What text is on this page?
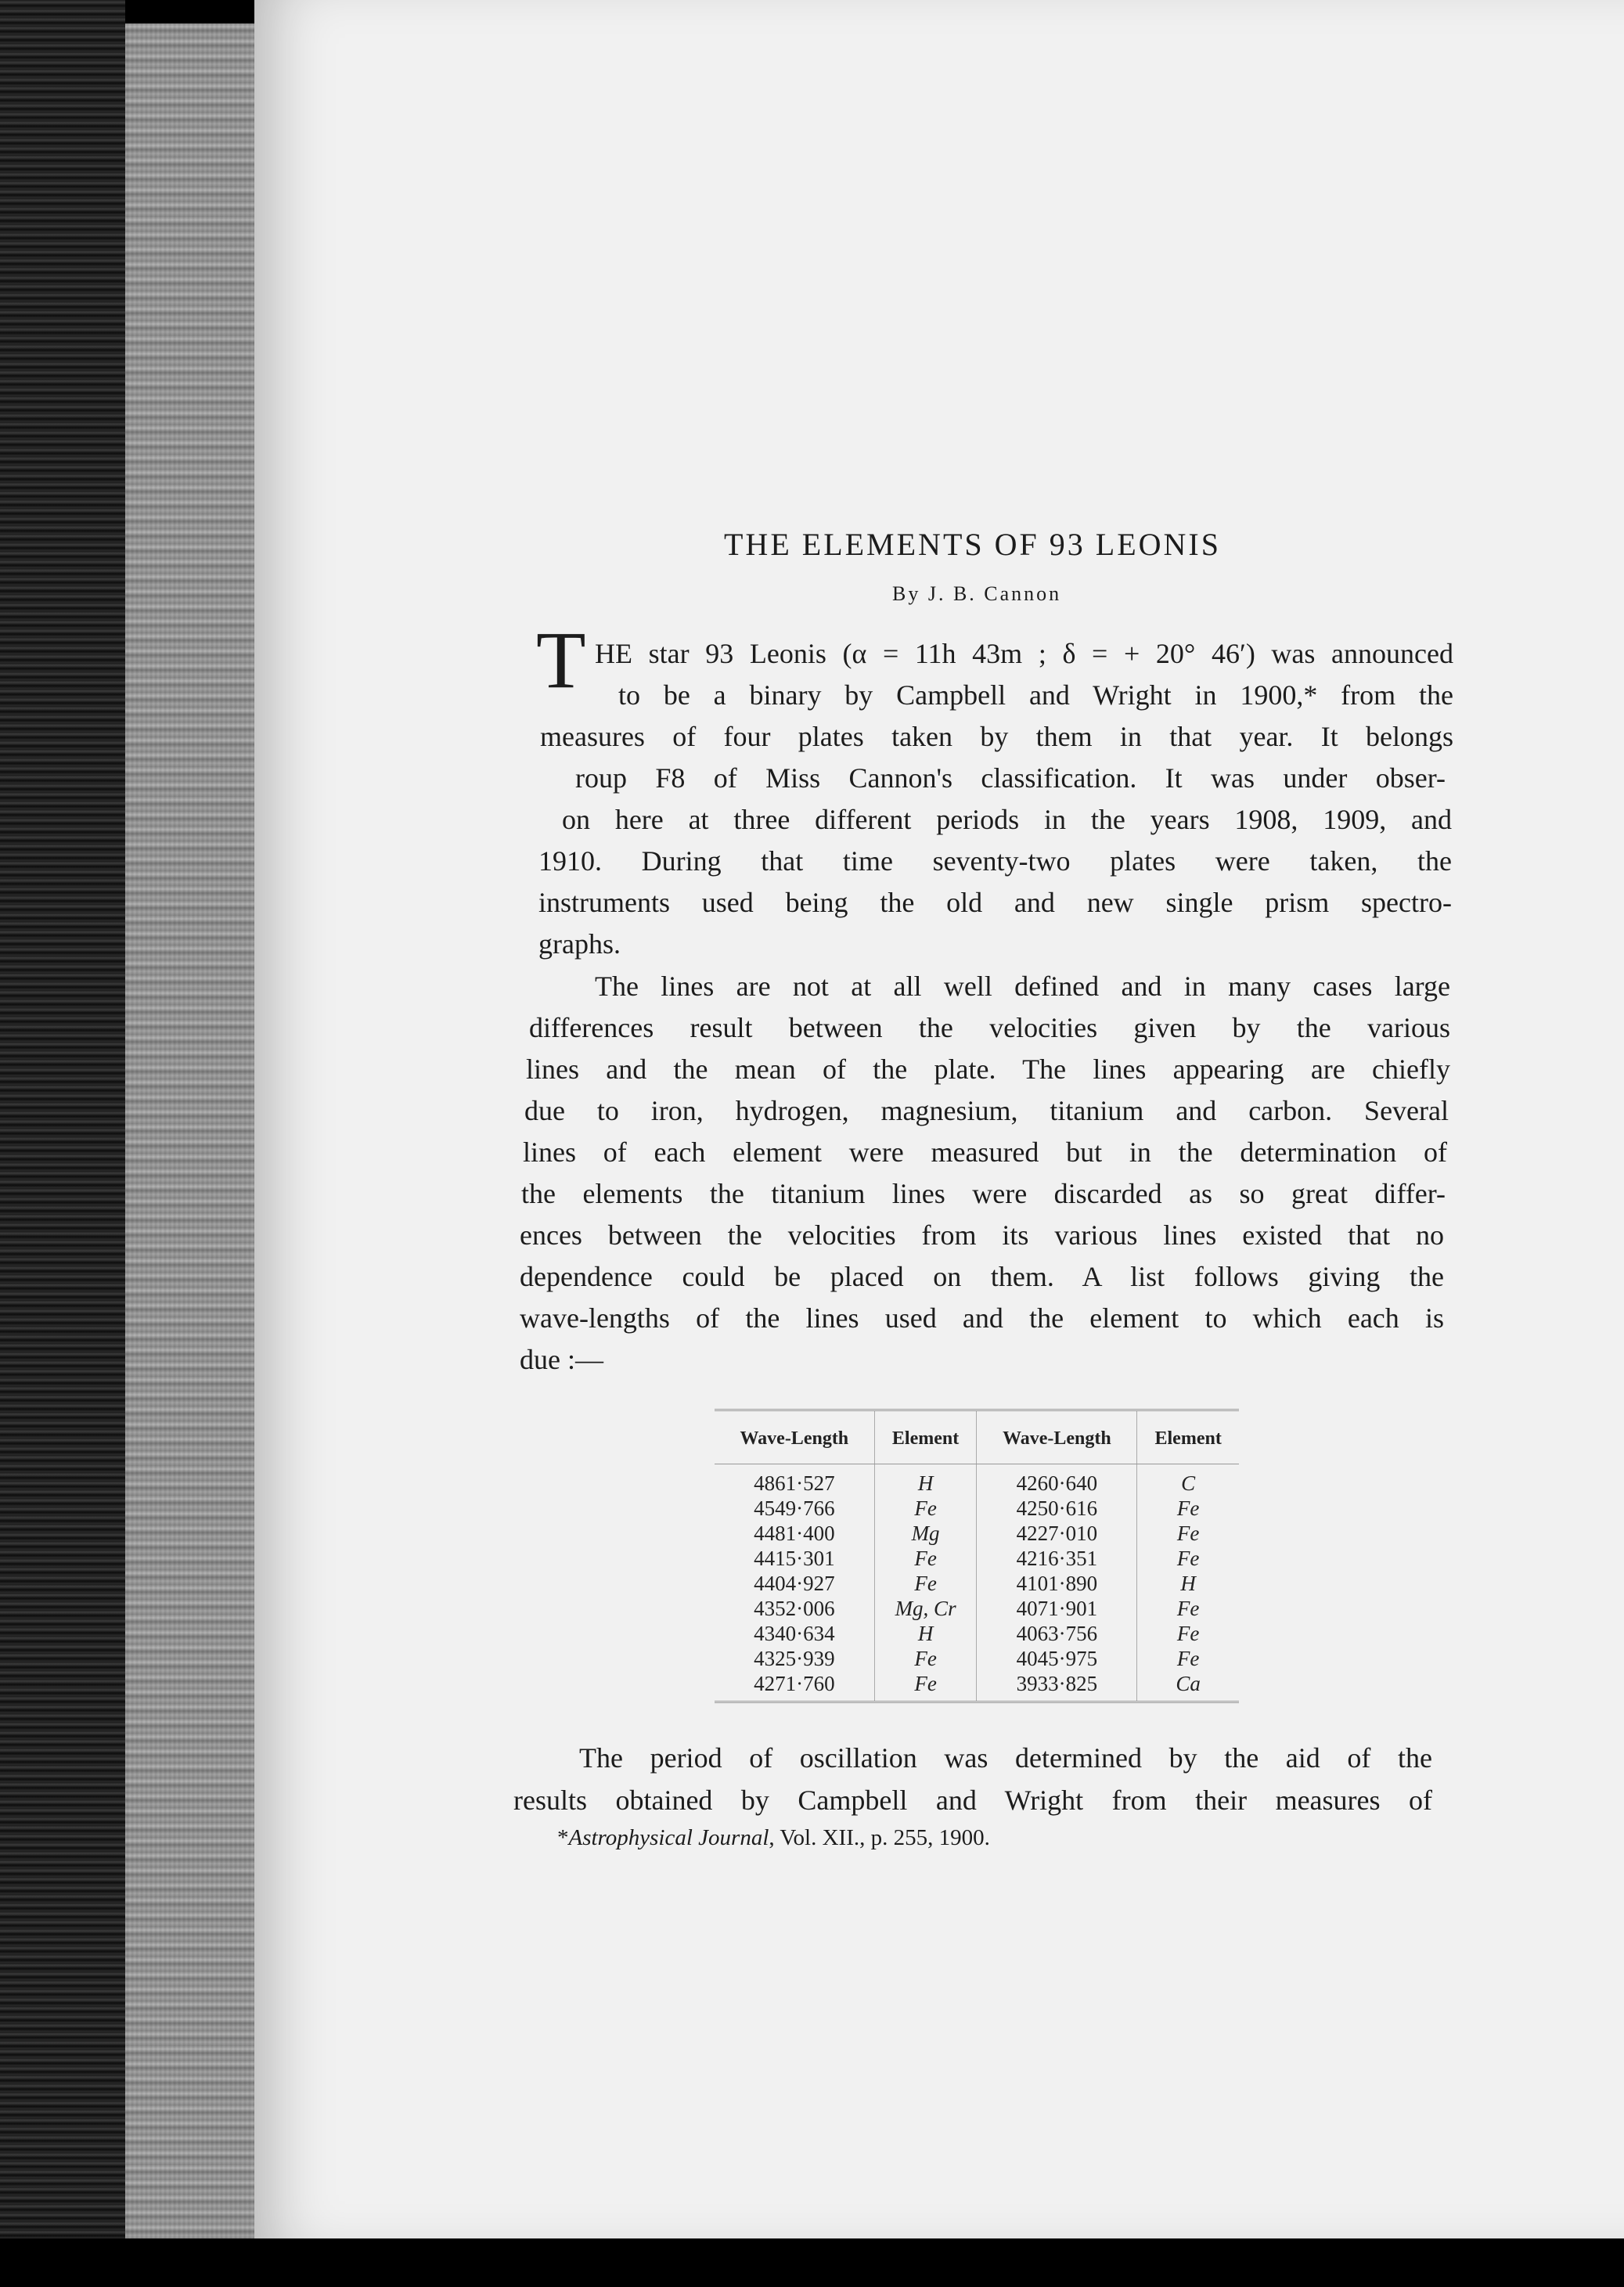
THE ELEMENTS OF 93 LEONIS
By J. B. Cannon
T HE star 93 Leonis (α = 11h 43m ; δ = + 20° 46′) was announced
to be a binary by Campbell and Wright in 1900,* from the
measures of four plates taken by them in that year. It belongs
roup F8 of Miss Cannon's classification. It was under obser-
on here at three different periods in the years 1908, 1909, and
1910. During that time seventy-two plates were taken, the
instruments used being the old and new single prism spectro-
graphs.
The lines are not at all well defined and in many cases large
differences result between the velocities given by the various
lines and the mean of the plate. The lines appearing are chiefly
due to iron, hydrogen, magnesium, titanium and carbon. Several
lines of each element were measured but in the determination of
the elements the titanium lines were discarded as so great differ-
ences between the velocities from its various lines existed that no
dependence could be placed on them. A list follows giving the
wave-lengths of the lines used and the element to which each is
due :—
Wave-Length	Element	Wave-Length	Element
4861·527	H	4260·640	C
4549·766	Fe	4250·616	Fe
4481·400	Mg	4227·010	Fe
4415·301	Fe	4216·351	Fe
4404·927	Fe	4101·890	H
4352·006	Mg, Cr	4071·901	Fe
4340·634	H	4063·756	Fe
4325·939	Fe	4045·975	Fe
4271·760	Fe	3933·825	Ca
The period of oscillation was determined by the aid of the
results obtained by Campbell and Wright from their measures of
*Astrophysical Journal, Vol. XII., p. 255, 1900.
